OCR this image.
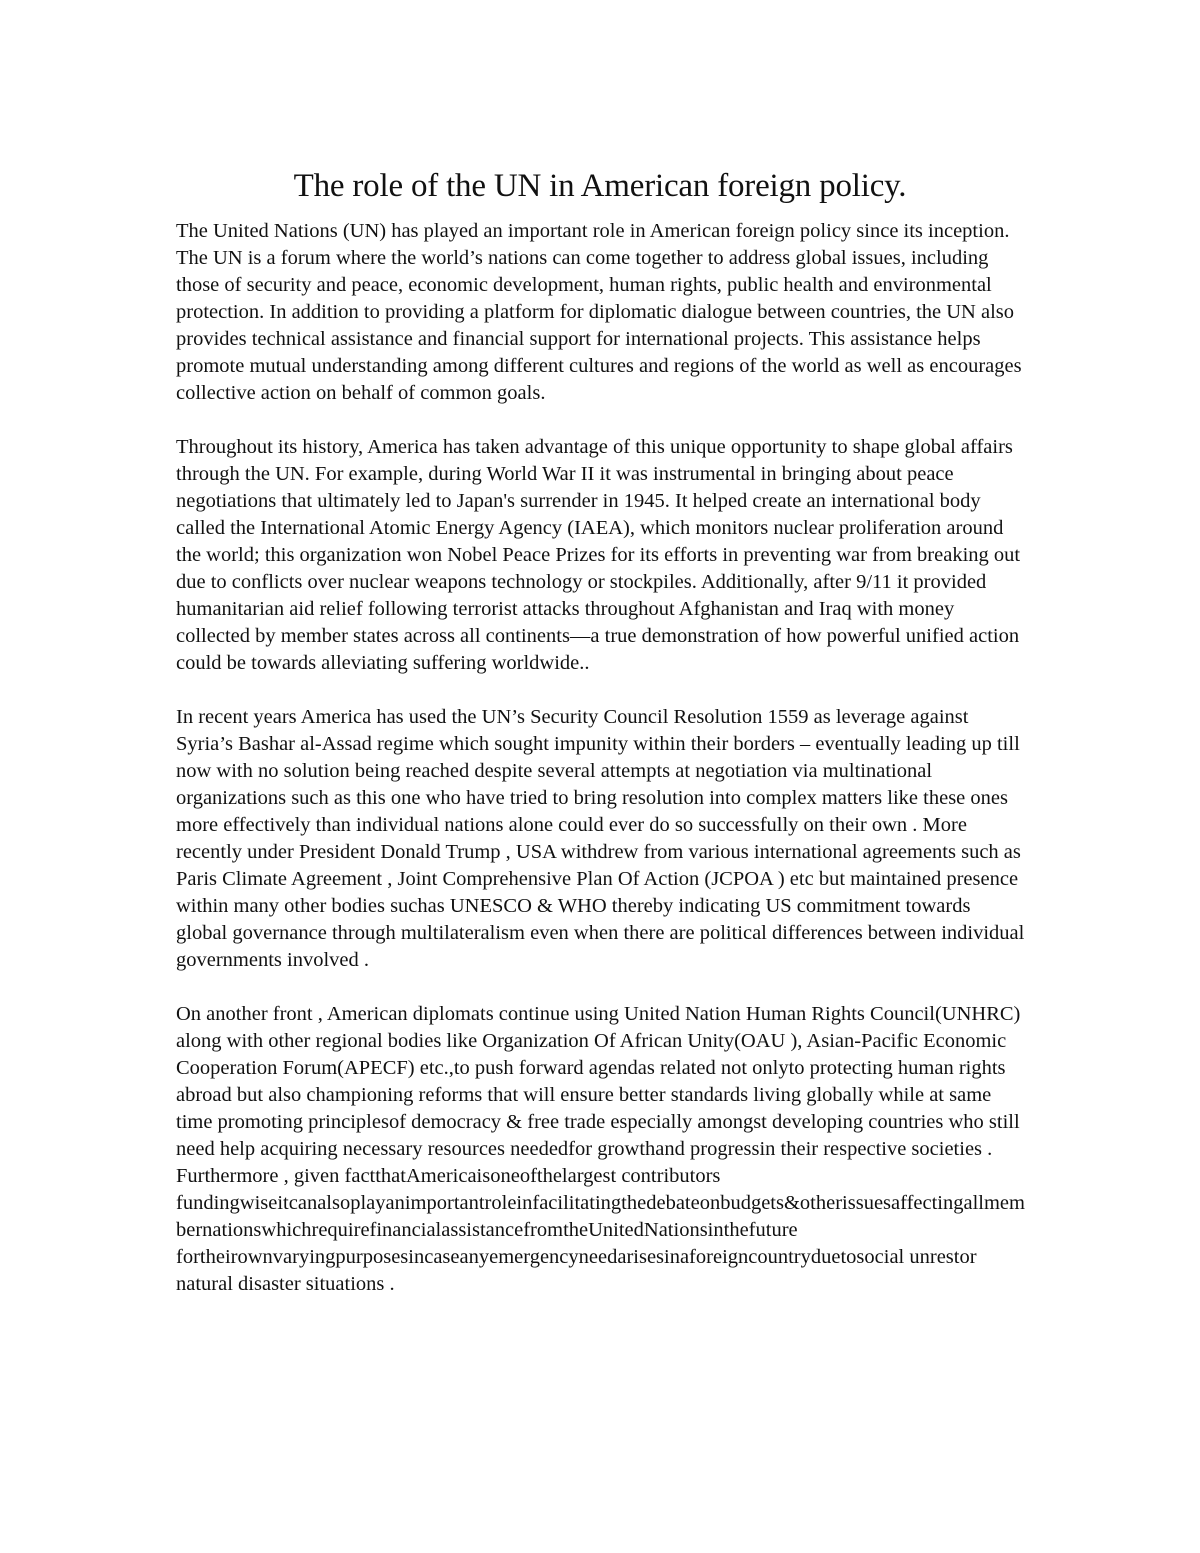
The role of the UN in American foreign policy.

The United Nations (UN) has played an important role in American foreign policy since its inception. The UN is a forum where the world’s nations can come together to address global issues, including those of security and peace, economic development, human rights, public health and environmental protection. In addition to providing a platform for diplomatic dialogue between countries, the UN also provides technical assistance and financial support for international projects. This assistance helps promote mutual understanding among different cultures and regions of the world as well as encourages collective action on behalf of common goals.

Throughout its history, America has taken advantage of this unique opportunity to shape global affairs through the UN. For example, during World War II it was instrumental in bringing about peace negotiations that ultimately led to Japan's surrender in 1945. It helped create an international body called the International Atomic Energy Agency (IAEA), which monitors nuclear proliferation around the world; this organization won Nobel Peace Prizes for its efforts in preventing war from breaking out due to conflicts over nuclear weapons technology or stockpiles. Additionally, after 9/11 it provided humanitarian aid relief following terrorist attacks throughout Afghanistan and Iraq with money collected by member states across all continents—a true demonstration of how powerful unified action could be towards alleviating suffering worldwide..

In recent years America has used the UN’s Security Council Resolution 1559 as leverage against Syria’s Bashar al-Assad regime which sought impunity within their borders – eventually leading up till now with no solution being reached despite several attempts at negotiation via multinational organizations such as this one who have tried to bring resolution into complex matters like these ones more effectively than individual nations alone could ever do so successfully on their own . More recently under President Donald Trump , USA withdrew from various international agreements such as Paris Climate Agreement , Joint Comprehensive Plan Of Action (JCPOA ) etc but maintained presence within many other bodies suchas UNESCO & WHO thereby indicating US commitment towards global governance through multilateralism even when there are political differences between individual governments involved .

On another front , American diplomats continue using United Nation Human Rights Council(UNHRC) along with other regional bodies like Organization Of African Unity(OAU ), Asian-Pacific Economic Cooperation Forum(APECF) etc.,to push forward agendas related not onlyto protecting human rights abroad but also championing reforms that will ensure better standards living globally while at same time promoting principlesof democracy & free trade especially amongst developing countries who still need help acquiring necessary resources neededfor growthand progressin their respective societies . Furthermore , given factthatAmericaisoneofthelargest contributors fundingwiseitcanalsoplayanimportantroleinfacilitatingthedebateonbudgets&otherissuesaffectingallmembernationswhichrequirefinancialassistancefromtheUnitedNationsinthefuture fortheirownvaryingpurposesincaseanyemergencyneedarisesinaforeigncountryduetosocial unrestor natural disaster situations .
